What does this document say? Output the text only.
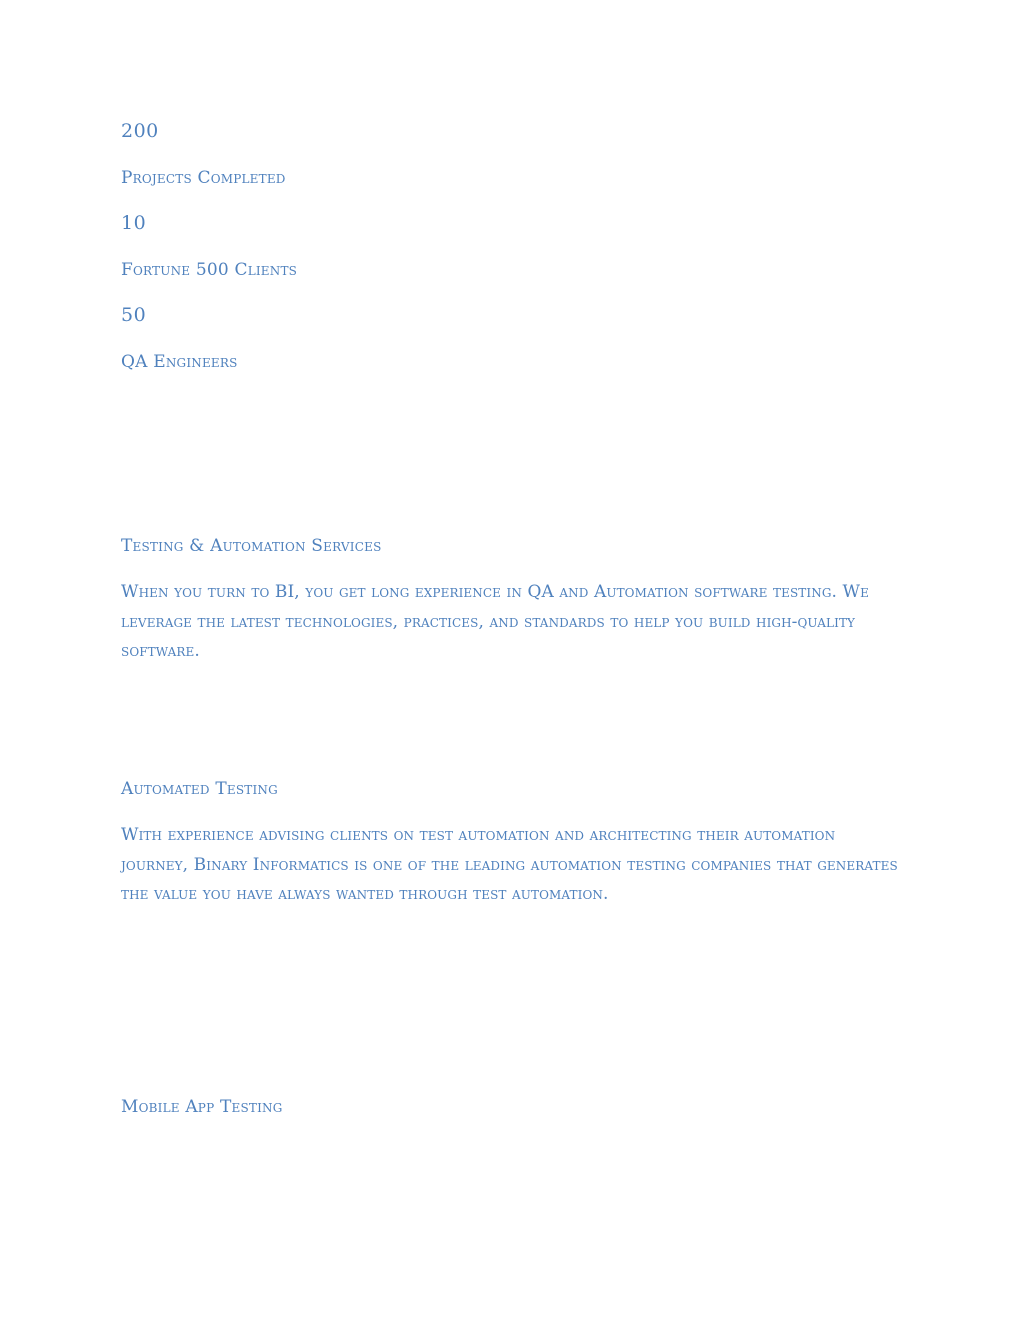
200

Projects Completed

10

Fortune 500 Clients

50

QA Engineers

Testing & Automation Services

When you turn to BI, you get long experience in QA and Automation software testing. We leverage the latest technologies, practices, and standards to help you build high-quality software.

Automated Testing

With experience advising clients on test automation and architecting their automation journey, Binary Informatics is one of the leading automation testing companies that generates the value you have always wanted through test automation.

Mobile App Testing
